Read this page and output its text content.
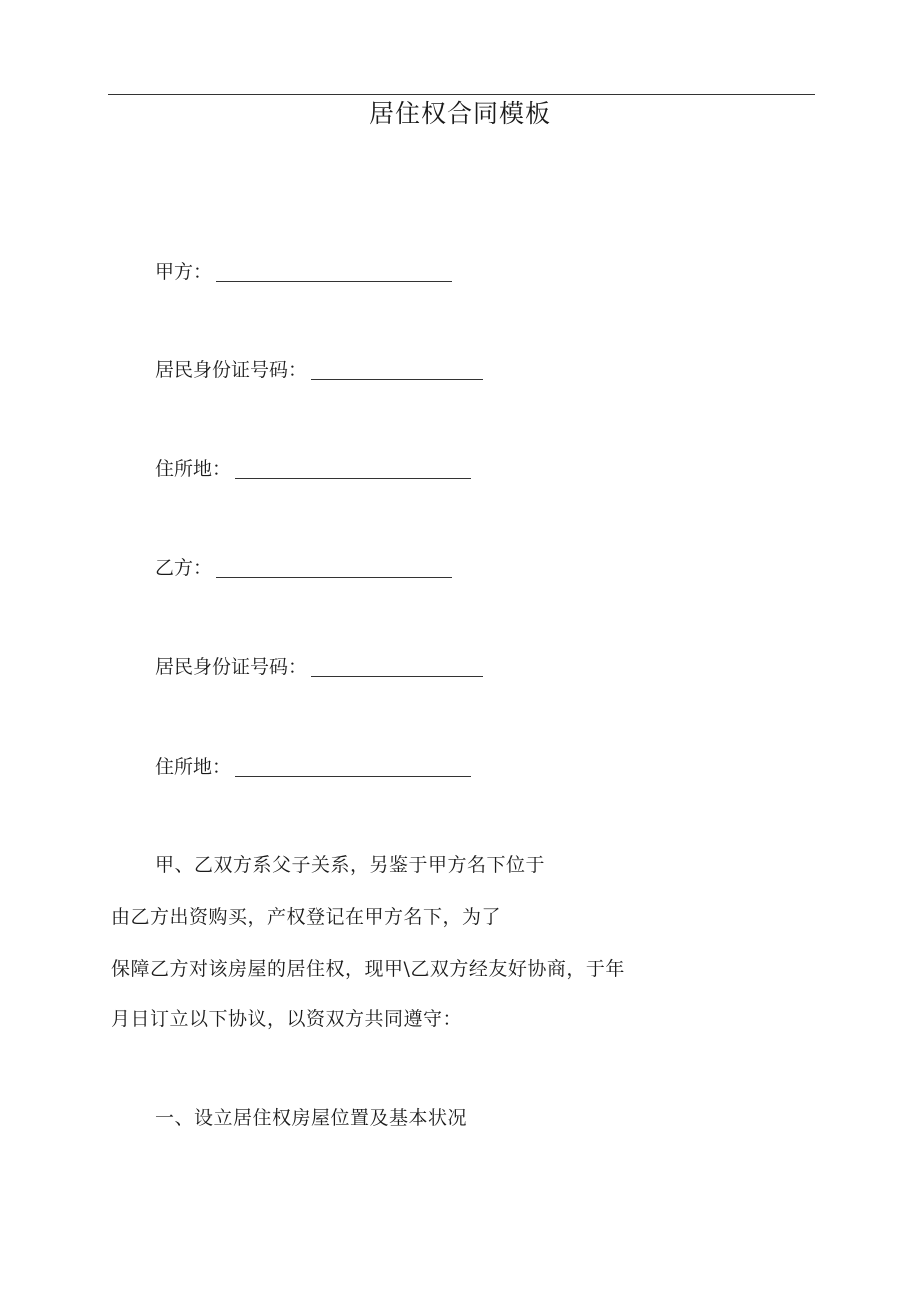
居住权合同模板
甲方：
居民身份证号码：
住所地：
乙方：
居民身份证号码：
住所地：
甲、乙双方系父子关系，另鉴于甲方名下位于
由乙方出资购买，产权登记在甲方名下，为了
保障乙方对该房屋的居住权，现甲\乙双方经友好协商，于年
月日订立以下协议，以资双方共同遵守：
一、设立居住权房屋位置及基本状况
